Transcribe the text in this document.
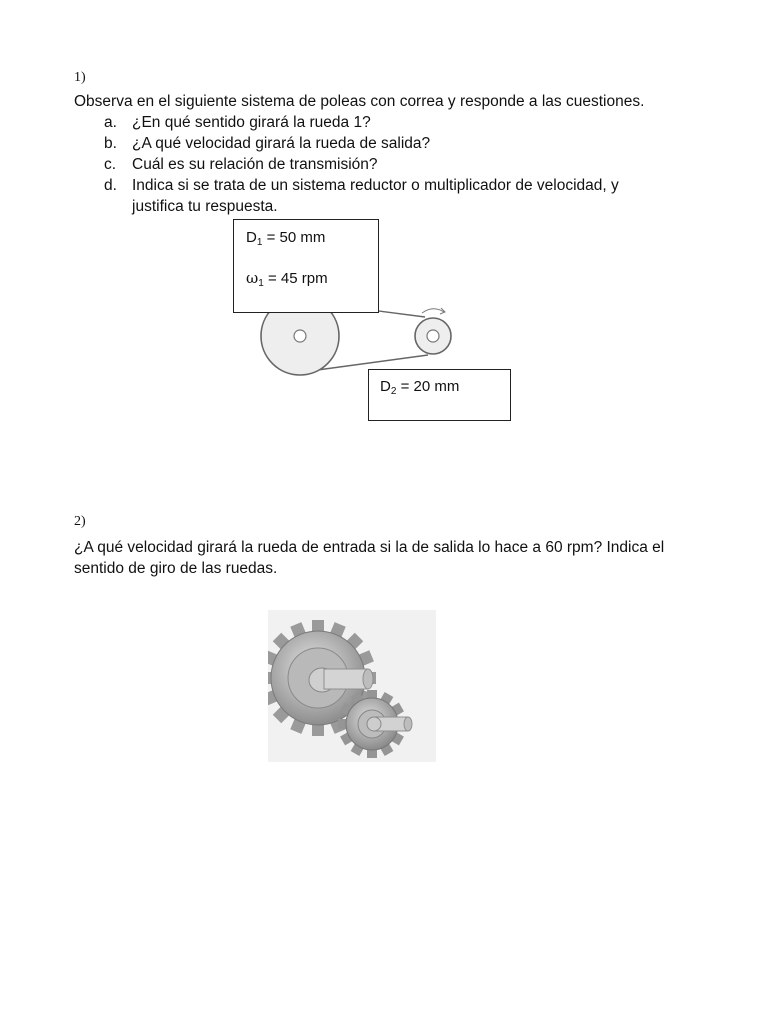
1)
Observa en el siguiente sistema de poleas con correa y responde a las cuestiones.
a. ¿En qué sentido girará la rueda 1?
b. ¿A qué velocidad girará la rueda de salida?
c. Cuál es su relación de transmisión?
d. Indica si se trata de un sistema reductor o multiplicador de velocidad, y
justifica tu respuesta.
$D_1 = 50$ mm
$\omega_1 = 45$ rpm
$D_2 = 20$ mm
2)
¿A qué velocidad girará la rueda de entrada si la de salida lo hace a 60 rpm? Indica el
sentido de giro de las ruedas.
